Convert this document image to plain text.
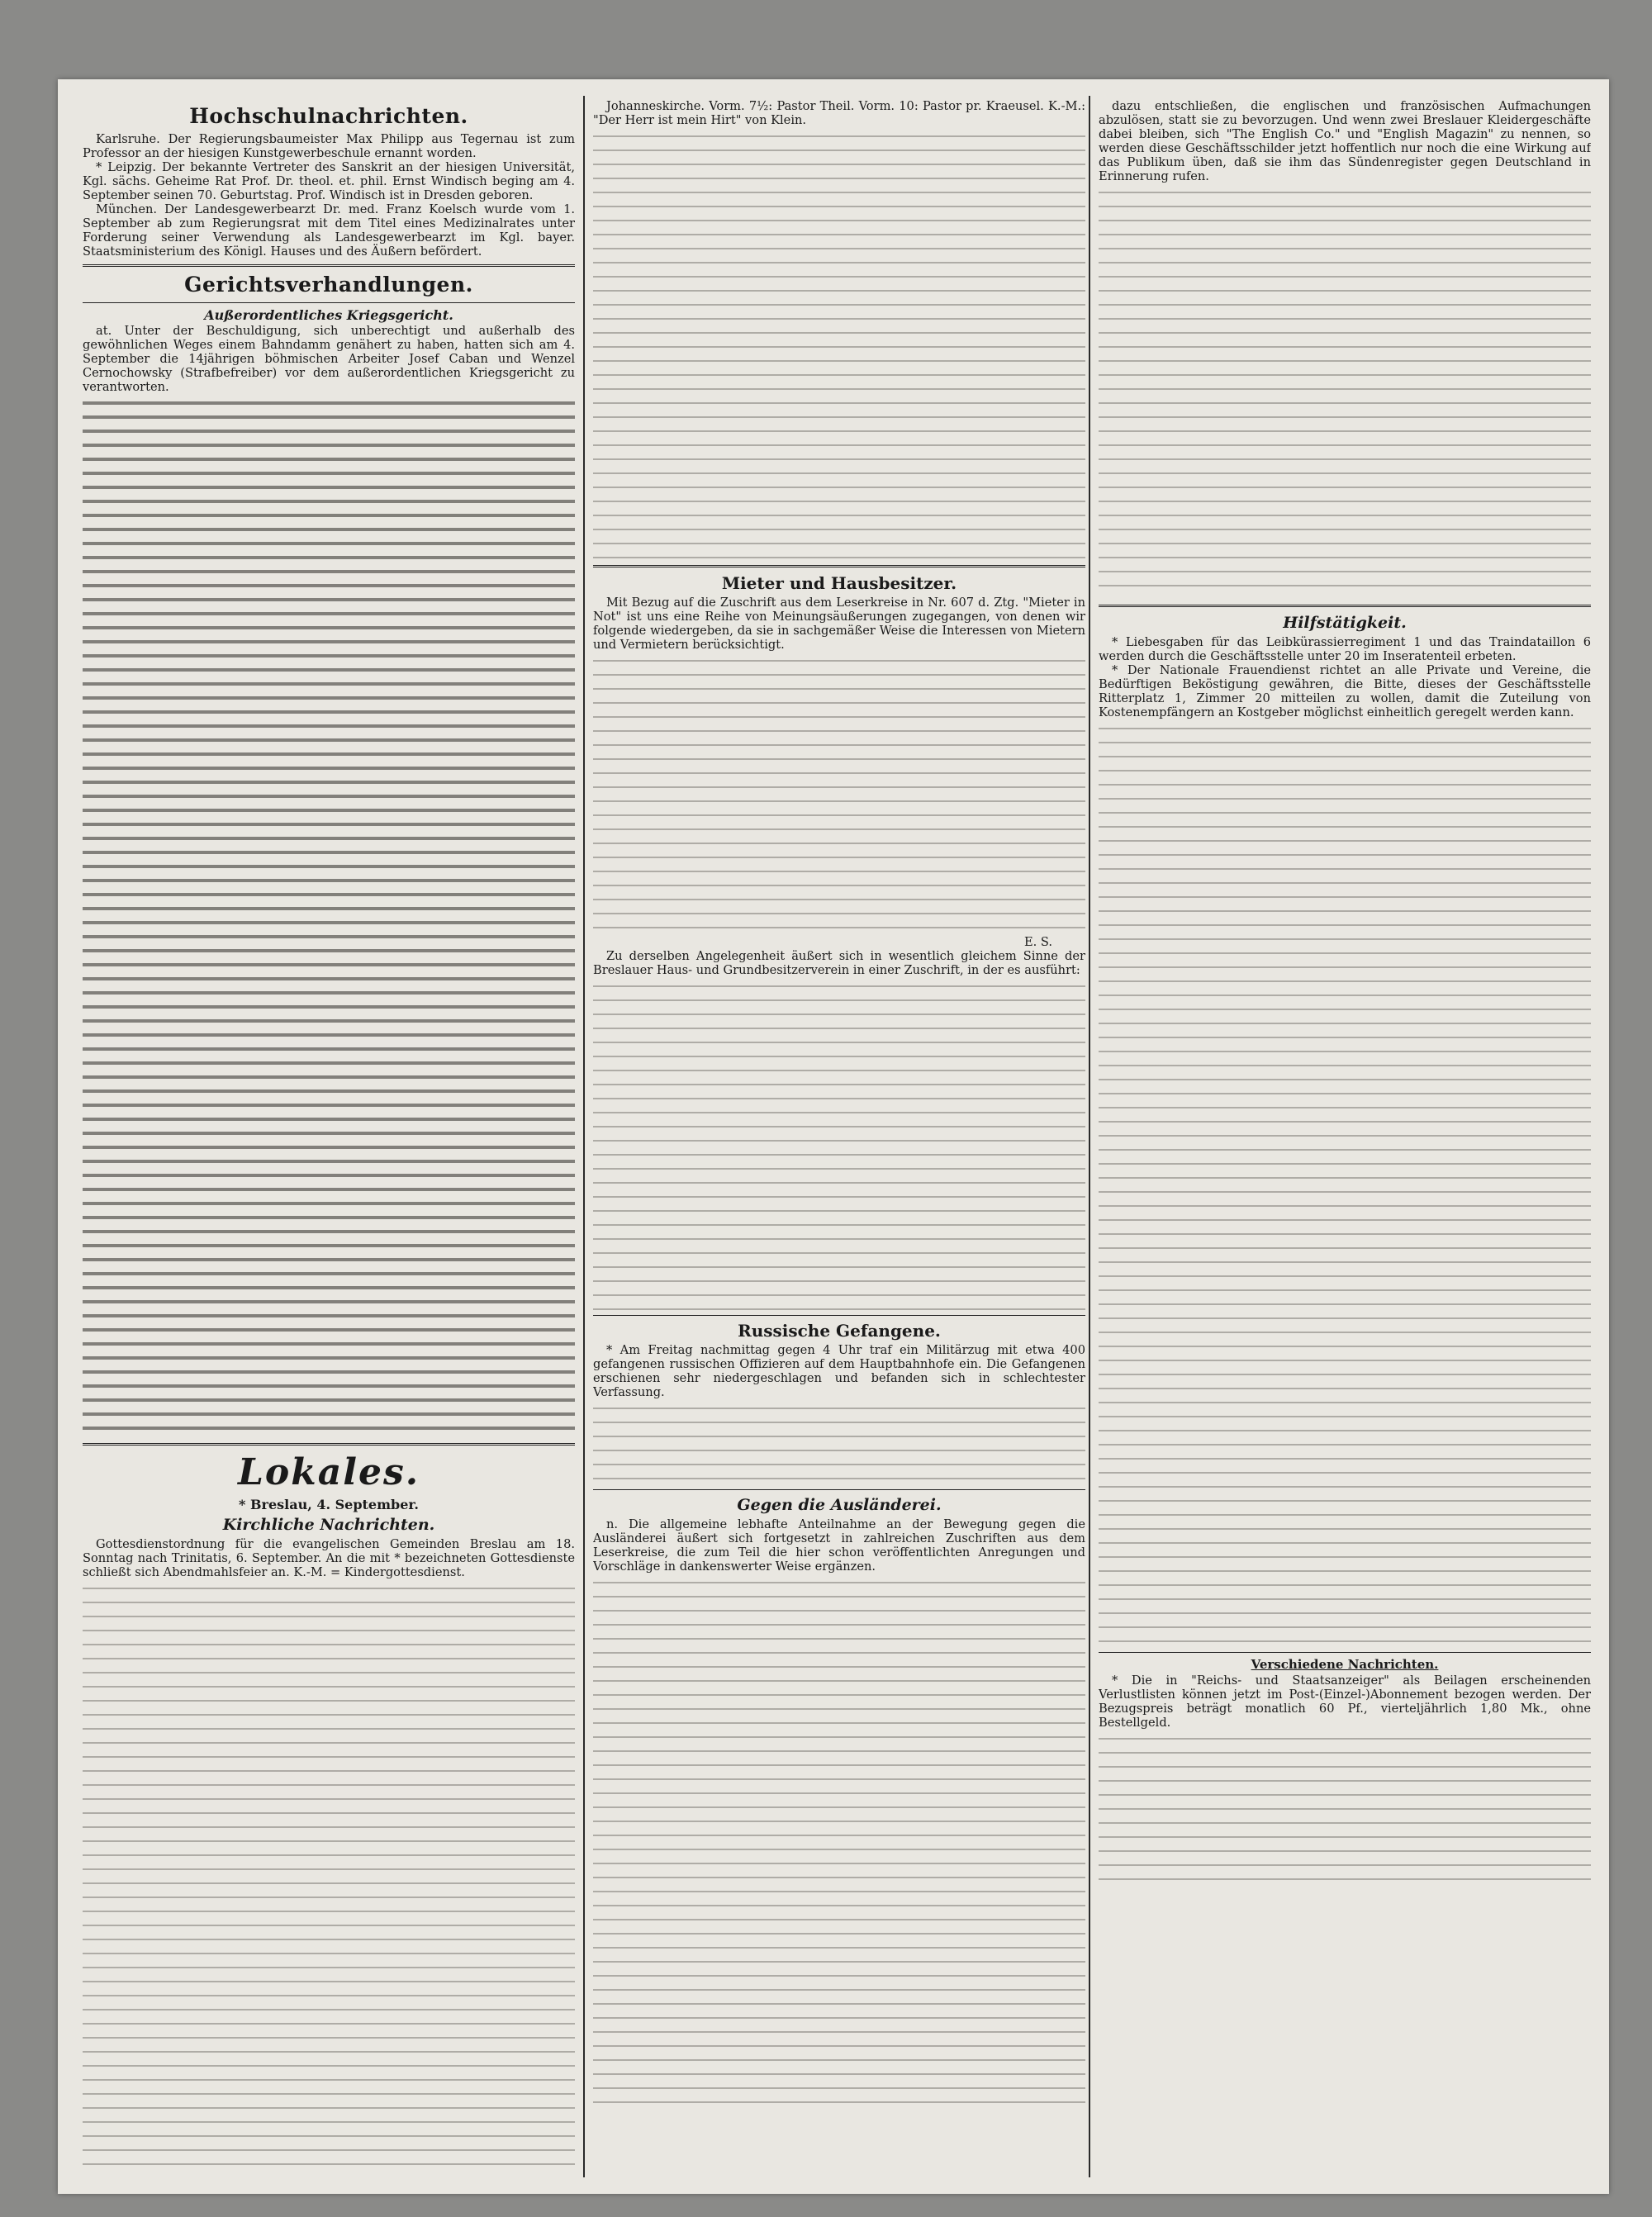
Hochschulnachrichten.

Karlsruhe. Der Regierungsbaumeister Max Philipp aus Tegernau ist zum Professor an der hiesigen Kunstgewerbeschule ernannt worden.

* Leipzig. Der bekannte Vertreter des Sanskrit an der hiesigen Universität, Kgl. sächs. Geheime Rat Prof. Dr. theol. et. phil. Ernst Windisch beging am 4. September seinen 70. Geburtstag. Prof. Windisch ist in Dresden geboren.

München. Der Landesgewerbearzt Dr. med. Franz Koelsch wurde vom 1. September ab zum Regierungsrat mit dem Titel eines Medizinalrates unter Forderung seiner Verwendung als Landesgewerbearzt im Kgl. bayer. Staatsministerium des Königl. Hauses und des Äußern befördert.

Gerichtsverhandlungen.
Außerordentliches Kriegsgericht.

at. Unter der Beschuldigung, sich unberechtigt und außerhalb des gewöhnlichen Weges einem Bahndamm genähert zu haben, hatten sich am 4. September die 14jährigen böhmischen Arbeiter Josef Caban und Wenzel Cernochowsky (Strafbefreiber) vor dem außerordentlichen Kriegsgericht zu verantworten.

Lokales.
* Breslau, 4. September.
Kirchliche Nachrichten.

Gottesdienstordnung für die evangelischen Gemeinden Breslau am 18. Sonntag nach Trinitatis, 6. September. An die mit * bezeichneten Gottesdienste schließt sich Abendmahlsfeier an. K.-M. = Kindergottesdienst.

Johanneskirche. Vorm. 7½: Pastor Theil. Vorm. 10: Pastor pr. Kraeusel. K.-M.: "Der Herr ist mein Hirt" von Klein.

Mieter und Hausbesitzer.

Mit Bezug auf die Zuschrift aus dem Leserkreise in Nr. 607 d. Ztg. "Mieter in Not" ist uns eine Reihe von Meinungsäußerungen zugegangen, von denen wir folgende wiedergeben, da sie in sachgemäßer Weise die Interessen von Mietern und Vermietern berücksichtigt.

E. S.

Zu derselben Angelegenheit äußert sich in wesentlich gleichem Sinne der Breslauer Haus- und Grundbesitzerverein in einer Zuschrift, in der es ausführt:

Russische Gefangene.

* Am Freitag nachmittag gegen 4 Uhr traf ein Militärzug mit etwa 400 gefangenen russischen Offizieren auf dem Hauptbahnhofe ein. Die Gefangenen erschienen sehr niedergeschlagen und befanden sich in schlechtester Verfassung.

Gegen die Ausländerei.

n. Die allgemeine lebhafte Anteilnahme an der Bewegung gegen die Ausländerei äußert sich fortgesetzt in zahlreichen Zuschriften aus dem Leserkreise, die zum Teil die hier schon veröffentlichten Anregungen und Vorschläge in dankenswerter Weise ergänzen.

dazu entschließen, die englischen und französischen Aufmachungen abzulösen, statt sie zu bevorzugen. Und wenn zwei Breslauer Kleidergeschäfte dabei bleiben, sich "The English Co." und "English Magazin" zu nennen, so werden diese Geschäftsschilder jetzt hoffentlich nur noch die eine Wirkung auf das Publikum üben, daß sie ihm das Sündenregister gegen Deutschland in Erinnerung rufen.

Hilfstätigkeit.

* Liebesgaben für das Leibkürassierregiment 1 und das Traindataillon 6 werden durch die Geschäftsstelle unter 20 im Inseratenteil erbeten.

* Der Nationale Frauendienst richtet an alle Private und Vereine, die Bedürftigen Beköstigung gewähren, die Bitte, dieses der Geschäftsstelle Ritterplatz 1, Zimmer 20 mitteilen zu wollen, damit die Zuteilung von Kostenempfängern an Kostgeber möglichst einheitlich geregelt werden kann.

Verschiedene Nachrichten.

* Die in "Reichs- und Staatsanzeiger" als Beilagen erscheinenden Verlustlisten können jetzt im Post-(Einzel-)Abonnement bezogen werden. Der Bezugspreis beträgt monatlich 60 Pf., vierteljährlich 1,80 Mk., ohne Bestellgeld.
